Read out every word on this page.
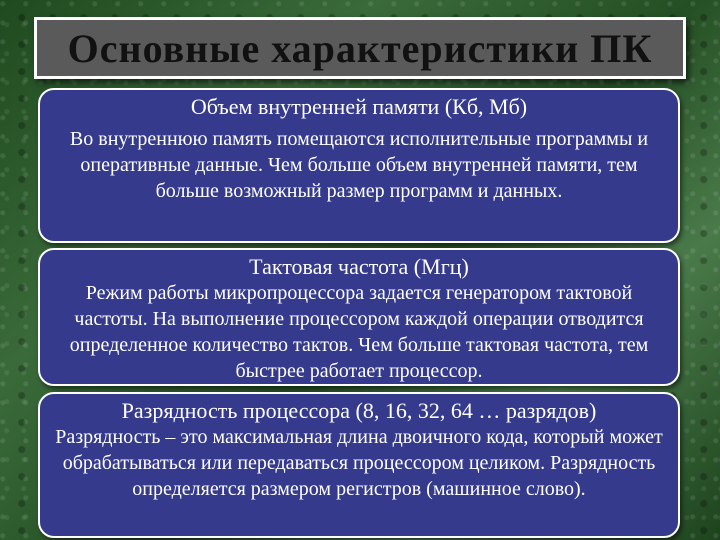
Основные характеристики ПК
Объем внутренней памяти (Кб, Мб)
Во внутреннюю память помещаются исполнительные программы и оперативные данные. Чем больше объем внутренней памяти, тем больше возможный размер программ и данных.
Тактовая частота (Мгц)
Режим работы микропроцессора задается генератором тактовой частоты. На выполнение процессором каждой операции отводится определенное количество тактов. Чем больше тактовая частота, тем быстрее работает процессор.
Разрядность процессора (8, 16, 32, 64 … разрядов)
Разрядность – это максимальная длина двоичного кода, который может обрабатываться или передаваться процессором целиком. Разрядность определяется размером регистров (машинное слово).
